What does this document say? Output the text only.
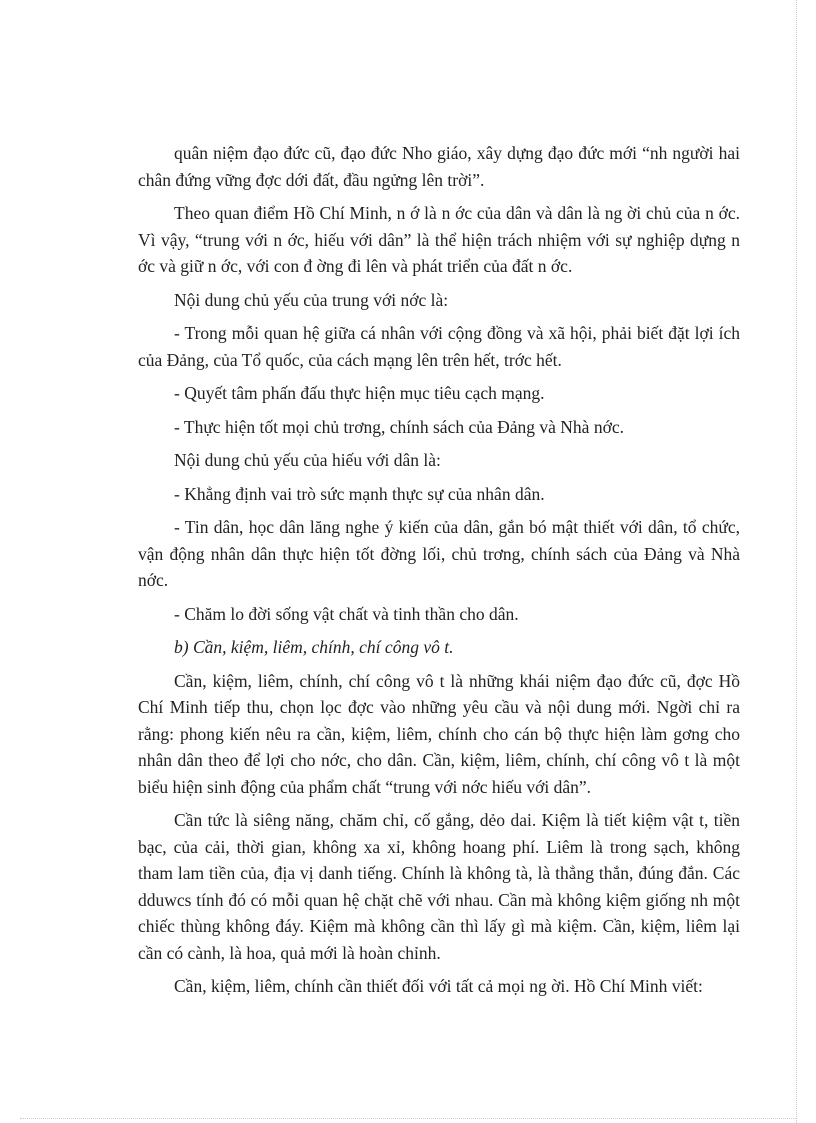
quân niệm đạo đức cũ, đạo đức Nho giáo, xây dựng đạo đức mới “nh người hai chân đứng vững đợc dới đất, đầu ngửng lên trời”.

Theo quan điểm Hồ Chí Minh, n ớ là n ớc của dân và dân là ng ời chủ của n ớc. Vì vậy, “trung với n ớc, hiếu với dân” là thể hiện trách nhiệm với sự nghiệp dựng n ớc và giữ n ớc, với con đ ờng đi lên và phát triển của đất n ớc.

Nội dung chủ yếu của trung với nớc là:

- Trong mỗi quan hệ giữa cá nhân với cộng đồng và xã hội, phải biết đặt lợi ích của Đảng, của Tổ quốc, của cách mạng lên trên hết, trớc hết.

- Quyết tâm phấn đấu thực hiện mục tiêu cạch mạng.

- Thực hiện tốt mọi chủ trơng, chính sách của Đảng và Nhà nớc.

Nội dung chủ yếu của hiếu với dân là:

- Khẳng định vai trò sức mạnh thực sự của nhân dân.

- Tin dân, học dân lăng nghe ý kiến của dân, gắn bó mật thiết với dân, tổ chức, vận động nhân dân thực hiện tốt đờng lối, chủ trơng, chính sách của Đảng và Nhà nớc.

- Chăm lo đời sống vật chất và tinh thần cho dân.

b) Cần, kiệm, liêm, chính, chí công vô t.

Cần, kiệm, liêm, chính, chí công vô t là những khái niệm đạo đức cũ, đợc Hồ Chí Minh tiếp thu, chọn lọc đợc vào những yêu cầu và nội dung mới. Ngời chỉ ra rằng: phong kiến nêu ra cần, kiệm, liêm, chính cho cán bộ thực hiện làm gơng cho nhân dân theo để lợi cho nớc, cho dân. Cần, kiệm, liêm, chính, chí công vô t là một biểu hiện sinh động của phẩm chất “trung với nớc hiếu với dân”.

Cần tức là siêng năng, chăm chỉ, cố gắng, dẻo dai. Kiệm là tiết kiệm vật t, tiền bạc, của cải, thời gian, không xa xỉ, không hoang phí. Liêm là trong sạch, không tham lam tiền của, địa vị danh tiếng. Chính là không tà, là thẳng thắn, đúng đắn. Các dduwcs tính đó có mỗi quan hệ chặt chẽ với nhau. Cần mà không kiệm giống nh một chiếc thùng không đáy. Kiệm mà không cần thì lấy gì mà kiệm. Cần, kiệm, liêm lại cần có cành, là hoa, quả mới là hoàn chỉnh.

Cần, kiệm, liêm, chính cần thiết đối với tất cả mọi ng ời. Hồ Chí Minh viết:
